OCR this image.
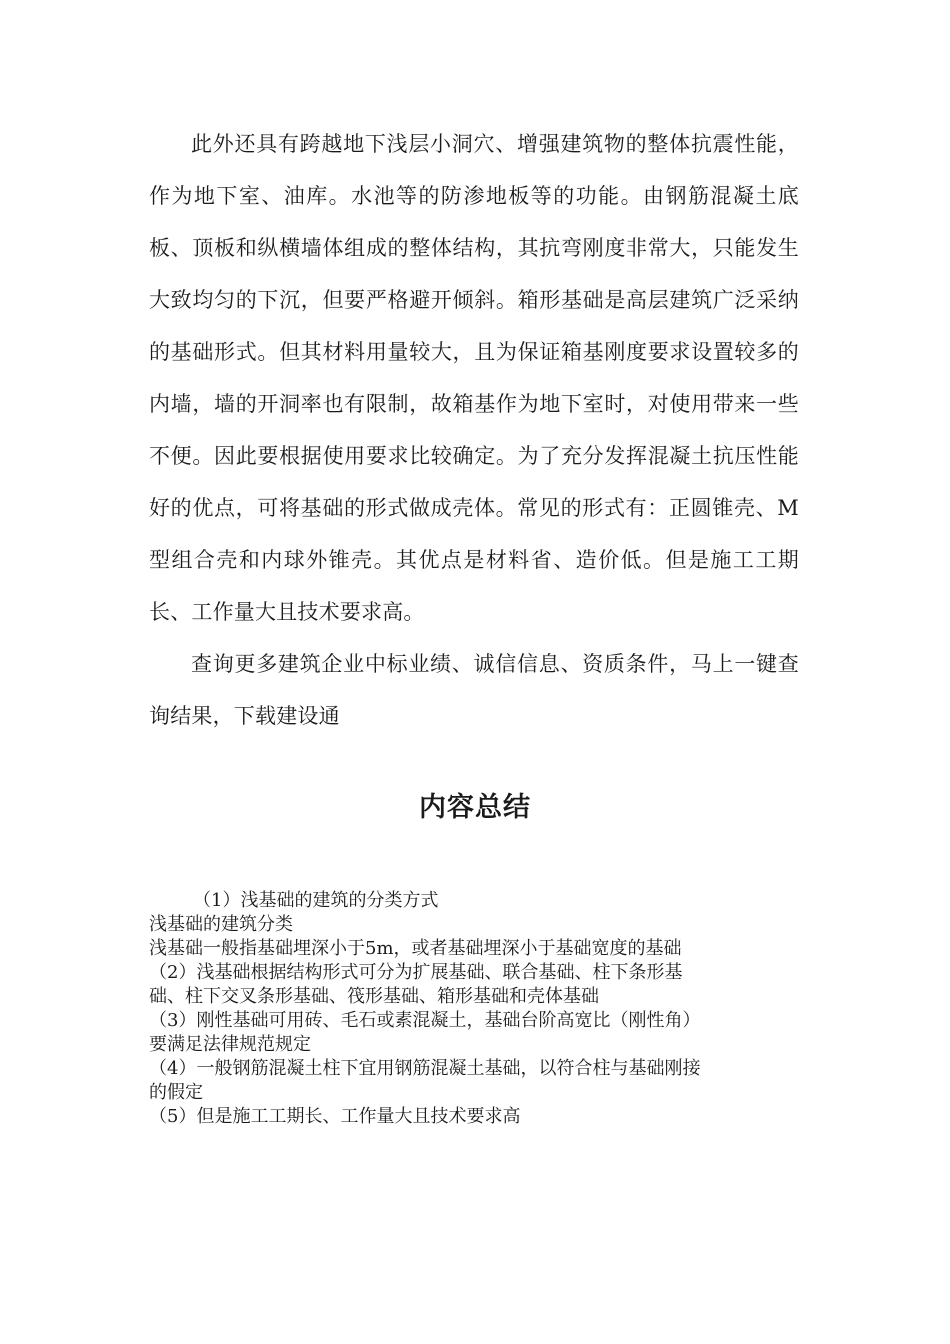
此外还具有跨越地下浅层小洞穴、增强建筑物的整体抗震性能，作为地下室、油库。水池等的防渗地板等的功能。由钢筋混凝土底板、顶板和纵横墙体组成的整体结构，其抗弯刚度非常大，只能发生大致均匀的下沉，但要严格避开倾斜。箱形基础是高层建筑广泛采纳的基础形式。但其材料用量较大，且为保证箱基刚度要求设置较多的内墙，墙的开洞率也有限制，故箱基作为地下室时，对使用带来一些不便。因此要根据使用要求比较确定。为了充分发挥混凝土抗压性能好的优点，可将基础的形式做成壳体。常见的形式有：正圆锥壳、M型组合壳和内球外锥壳。其优点是材料省、造价低。但是施工工期长、工作量大且技术要求高。

查询更多建筑企业中标业绩、诚信信息、资质条件，马上一键查询结果，下载建设通

内容总结

（1）浅基础的建筑的分类方式

浅基础的建筑分类

浅基础一般指基础埋深小于5m，或者基础埋深小于基础宽度的基础

（2）浅基础根据结构形式可分为扩展基础、联合基础、柱下条形基

础、柱下交叉条形基础、筏形基础、箱形基础和壳体基础

（3）刚性基础可用砖、毛石或素混凝土，基础台阶高宽比（刚性角）

要满足法律规范规定

（4）一般钢筋混凝土柱下宜用钢筋混凝土基础，以符合柱与基础刚接

的假定

（5）但是施工工期长、工作量大且技术要求高
